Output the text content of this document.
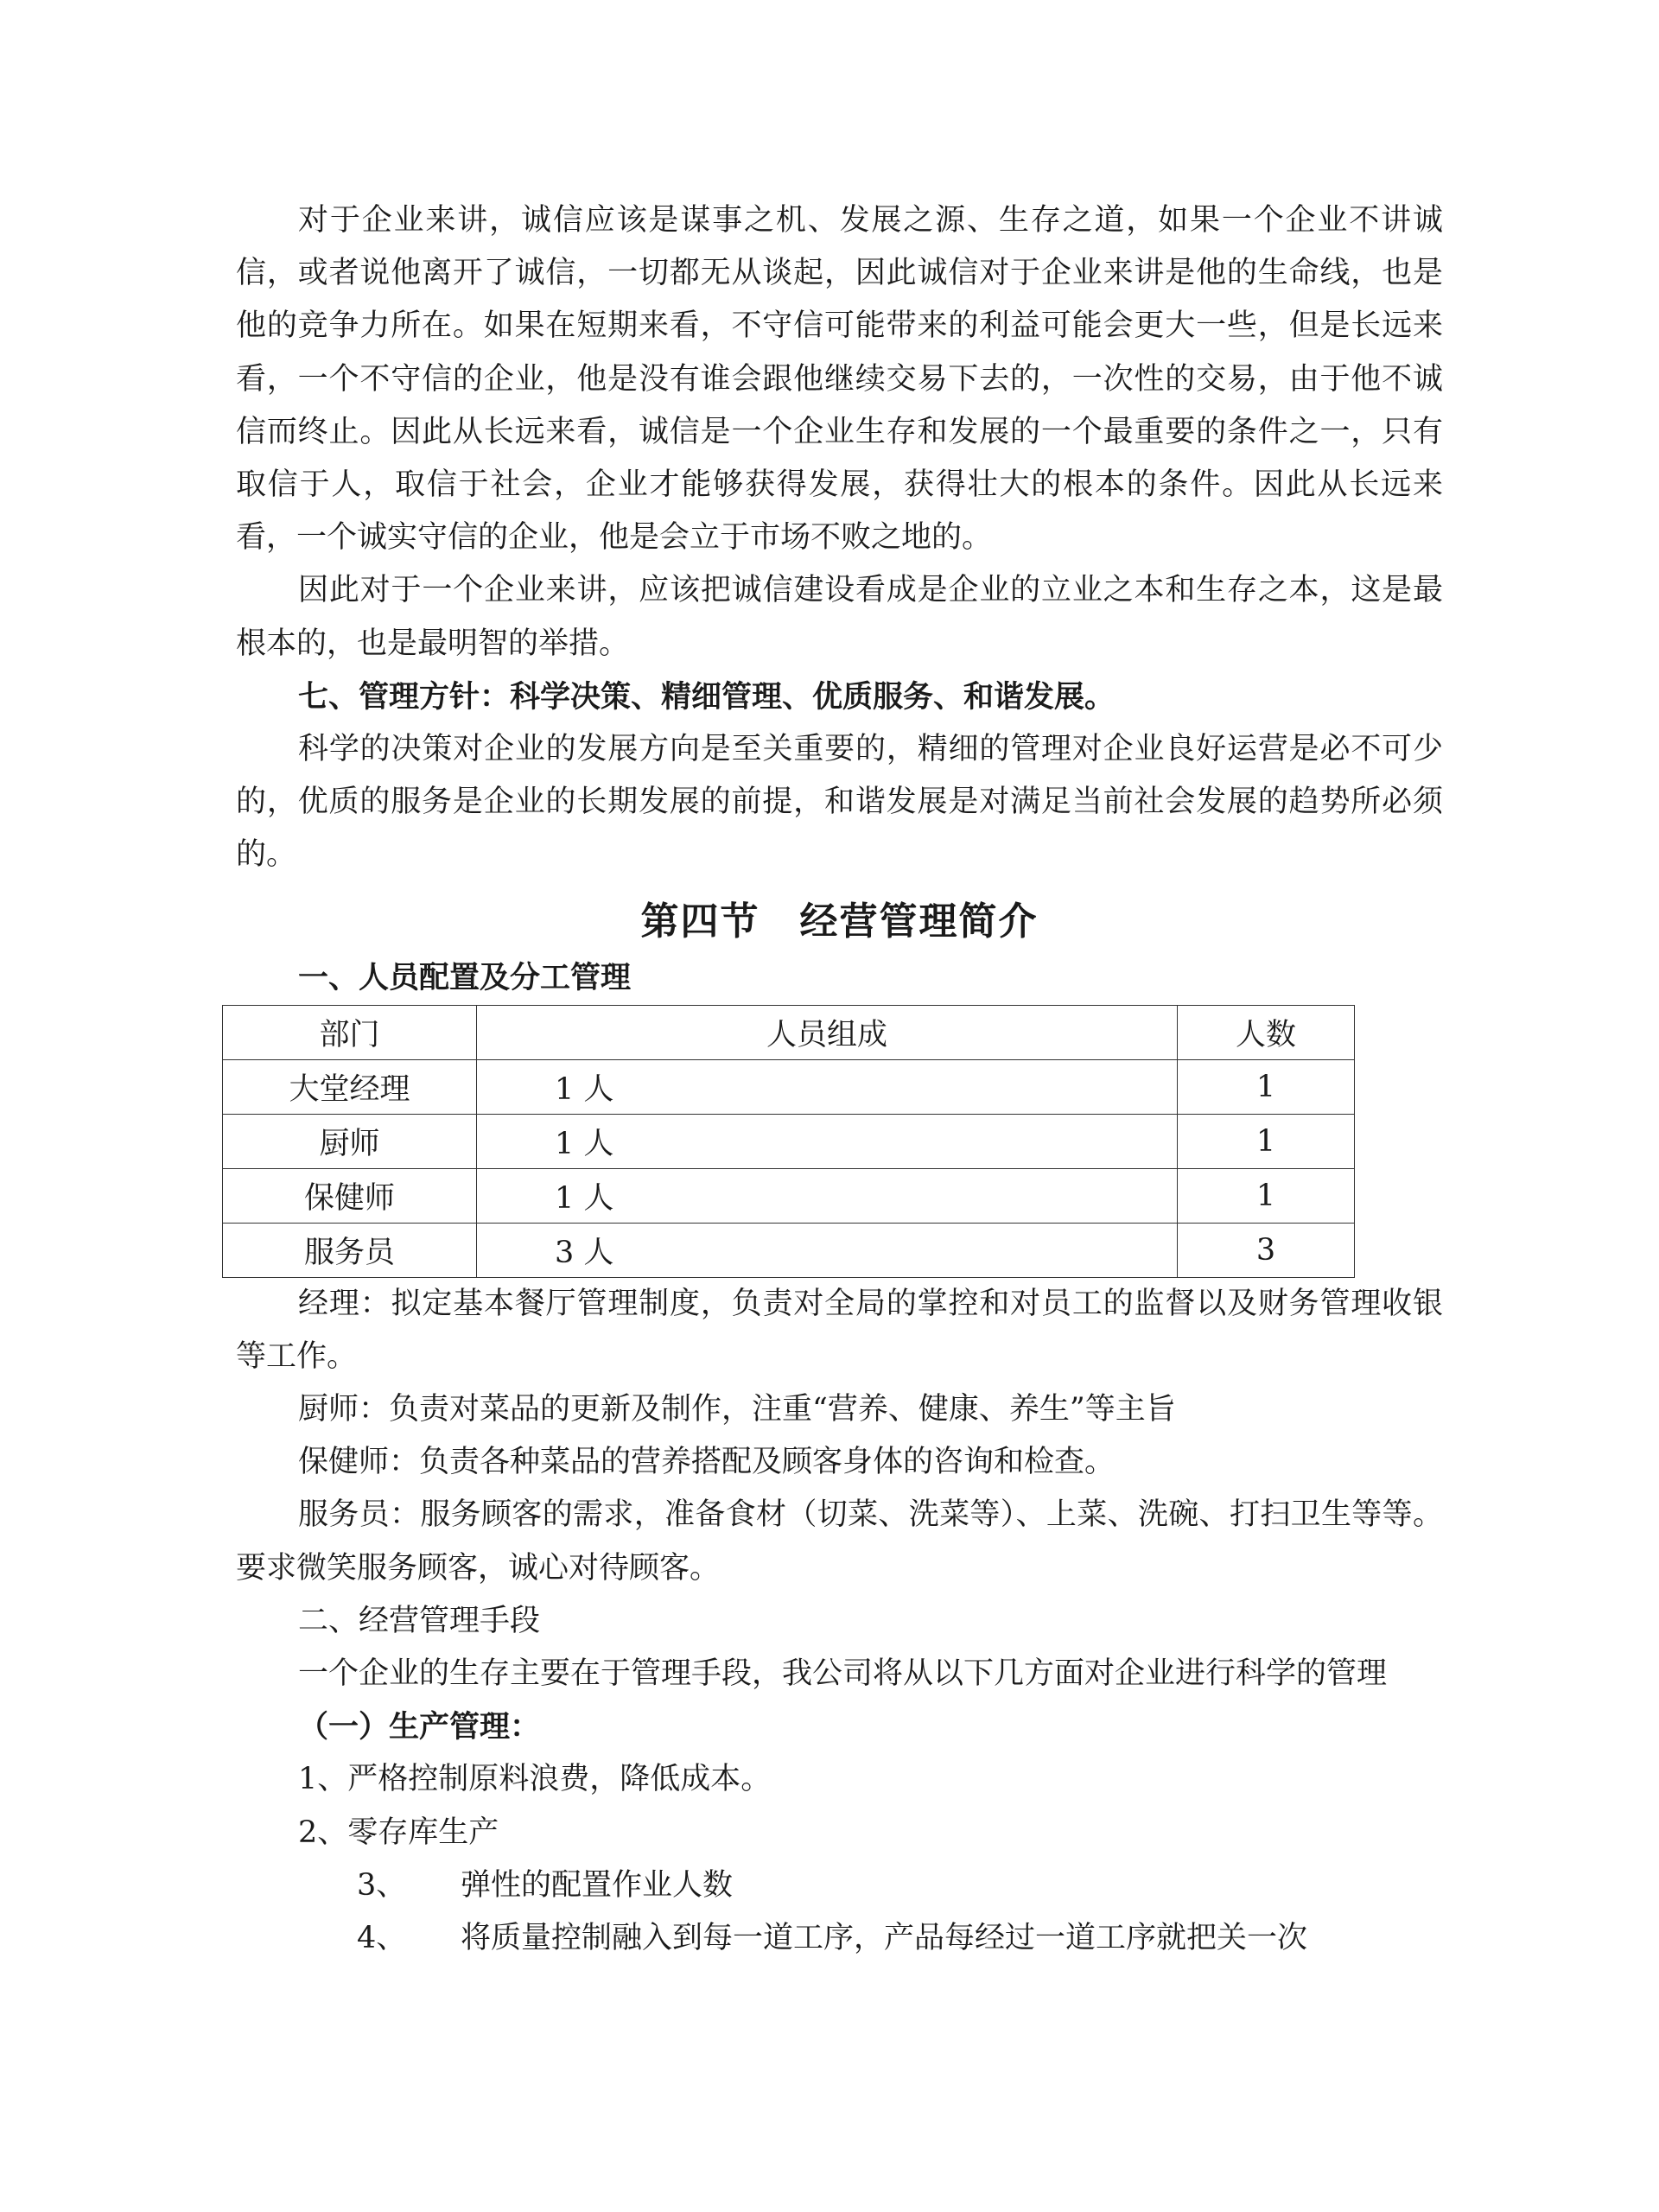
对于企业来讲，诚信应该是谋事之机、发展之源、生存之道，如果一个企业不讲诚信，或者说他离开了诚信，一切都无从谈起，因此诚信对于企业来讲是他的生命线，也是他的竞争力所在。如果在短期来看，不守信可能带来的利益可能会更大一些，但是长远来看，一个不守信的企业，他是没有谁会跟他继续交易下去的，一次性的交易，由于他不诚信而终止。因此从长远来看，诚信是一个企业生存和发展的一个最重要的条件之一，只有取信于人，取信于社会，企业才能够获得发展，获得壮大的根本的条件。因此从长远来看，一个诚实守信的企业，他是会立于市场不败之地的。

因此对于一个企业来讲，应该把诚信建设看成是企业的立业之本和生存之本，这是最根本的，也是最明智的举措。

七、管理方针：科学决策、精细管理、优质服务、和谐发展。

科学的决策对企业的发展方向是至关重要的，精细的管理对企业良好运营是必不可少的，优质的服务是企业的长期发展的前提，和谐发展是对满足当前社会发展的趋势所必须的。

第四节　经营管理简介
一、人员配置及分工管理
部门	人员组成	人数
大堂经理	1 人	1
厨师	1 人	1
保健师	1 人	1
服务员	3 人	3

经理：拟定基本餐厅管理制度，负责对全局的掌控和对员工的监督以及财务管理收银等工作。

厨师：负责对菜品的更新及制作，注重“营养、健康、养生”等主旨

保健师：负责各种菜品的营养搭配及顾客身体的咨询和检查。

服务员：服务顾客的需求，准备食材（切菜、洗菜等）、上菜、洗碗、打扫卫生等等。要求微笑服务顾客，诚心对待顾客。

二、经营管理手段

一个企业的生存主要在于管理手段，我公司将从以下几方面对企业进行科学的管理

（一）生产管理：

1、严格控制原料浪费，降低成本。

2、零存库生产

3、 弹性的配置作业人数

4、 将质量控制融入到每一道工序，产品每经过一道工序就把关一次
